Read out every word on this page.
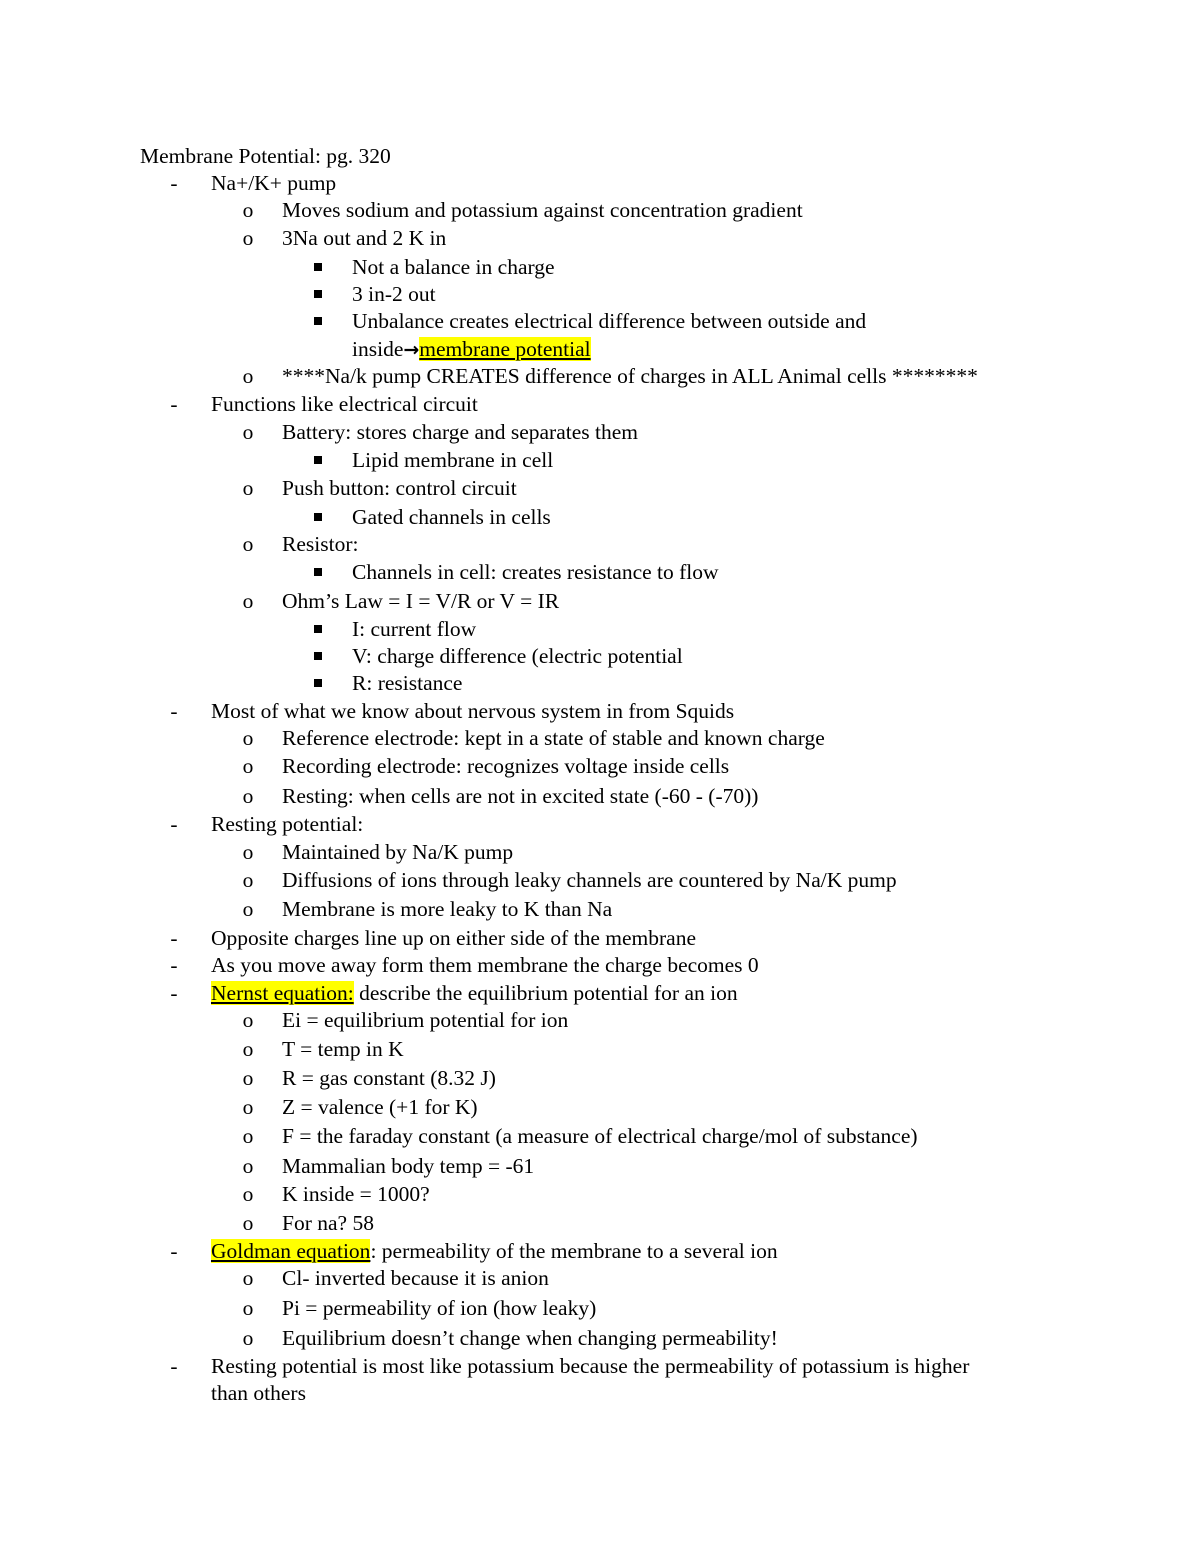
Membrane Potential: pg. 320
- Na+/K+ pump
o Moves sodium and potassium against concentration gradient
o 3Na out and 2 K in
Not a balance in charge
3 in-2 out
Unbalance creates electrical difference between outside and
inside→membrane potential
o ****Na/k pump CREATES difference of charges in ALL Animal cells ********
- Functions like electrical circuit
o Battery: stores charge and separates them
Lipid membrane in cell
o Push button: control circuit
Gated channels in cells
o Resistor:
Channels in cell: creates resistance to flow
o Ohm’s Law = I = V/R or V = IR
I: current flow
V: charge difference (electric potential
R: resistance
- Most of what we know about nervous system in from Squids
o Reference electrode: kept in a state of stable and known charge
o Recording electrode: recognizes voltage inside cells
o Resting: when cells are not in excited state (-60 - (-70))
- Resting potential:
o Maintained by Na/K pump
o Diffusions of ions through leaky channels are countered by Na/K pump
o Membrane is more leaky to K than Na
- Opposite charges line up on either side of the membrane
- As you move away form them membrane the charge becomes 0
- Nernst equation: describe the equilibrium potential for an ion
o Ei = equilibrium potential for ion
o T = temp in K
o R = gas constant (8.32 J)
o Z = valence (+1 for K)
o F = the faraday constant (a measure of electrical charge/mol of substance)
o Mammalian body temp = -61
o K inside = 1000?
o For na? 58
- Goldman equation: permeability of the membrane to a several ion
o Cl- inverted because it is anion
o Pi = permeability of ion (how leaky)
o Equilibrium doesn’t change when changing permeability!
- Resting potential is most like potassium because the permeability of potassium is higher
than others
